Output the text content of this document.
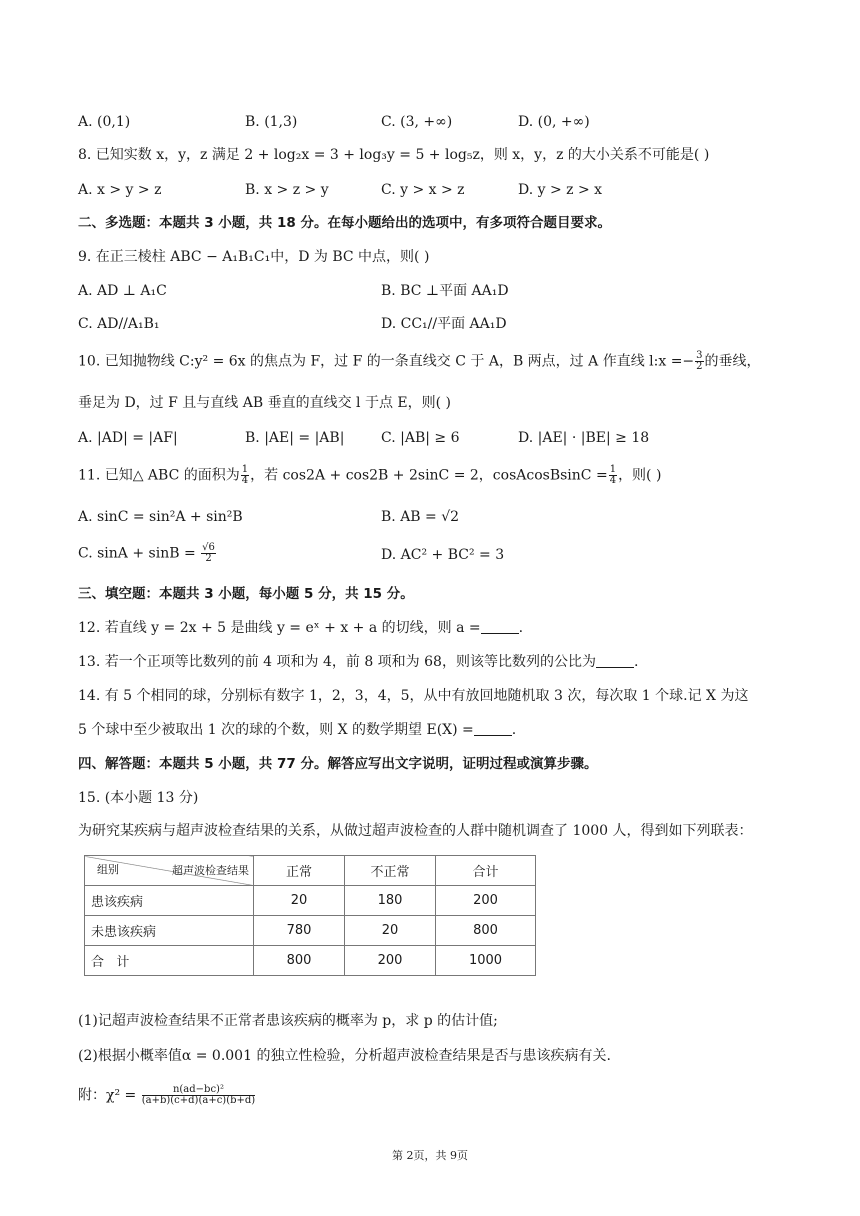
A. (0,1)	B. (1,3)	C. (3, +∞)	D. (0, +∞)
8. 已知实数 x，y，z 满足 2 + log₂x = 3 + log₃y = 5 + log₅z，则 x，y，z 的大小关系不可能是( )
A. x > y > z	B. x > z > y	C. y > x > z	D. y > z > x
二、多选题：本题共 3 小题，共 18 分。在每小题给出的选项中，有多项符合题目要求。
9. 在正三棱柱 ABC − A₁B₁C₁中，D 为 BC 中点，则( )
A. AD ⊥ A₁C	B. BC ⊥平面 AA₁D
C. AD//A₁B₁	D. CC₁//平面 AA₁D
10. 已知抛物线 C:y² = 6x 的焦点为 F，过 F 的一条直线交 C 于 A，B 两点，过 A 作直线 l:x =− $\frac{3}{2}$ 的垂线，
垂足为 D，过 F 且与直线 AB 垂直的直线交 l 于点 E，则( )
A. |AD| = |AF|	B. |AE| = |AB|	C. |AB| ≥ 6	D. |AE| · |BE| ≥ 18
11. 已知△ ABC 的面积为 $\frac{1}{4}$ ，若 cos2A + cos2B + 2sinC = 2，cosAcosBsinC = $\frac{1}{4}$ ，则( )
A. sinC = sin²A + sin²B	B. AB = √2
C. $\sin A + \sin B = \frac{√6}{2}$	D. AC² + BC² = 3
三、填空题：本题共 3 小题，每小题 5 分，共 15 分。
12. 若直线 y = 2x + 5 是曲线 y = eˣ + x + a 的切线，则 a =	.
13. 若一个正项等比数列的前 4 项和为 4，前 8 项和为 68，则该等比数列的公比为	.
14. 有 5 个相同的球，分别标有数字 1，2，3，4，5，从中有放回地随机取 3 次，每次取 1 个球.记 X 为这
5 个球中至少被取出 1 次的球的个数，则 X 的数学期望 E(X) =	.
四、解答题：本题共 5 小题，共 77 分。解答应写出文字说明，证明过程或演算步骤。
15. (本小题 13 分)
为研究某疾病与超声波检查结果的关系，从做过超声波检查的人群中随机调查了 1000 人，得到如下列联表：
超声波检查结果
组别	正常	不正常	合计
患该疾病	20	180	200
未患该疾病	780	20	800
合   计	800	200	1000
(1)记超声波检查结果不正常者患该疾病的概率为 p，求 p 的估计值;
(2)根据小概率值α = 0.001 的独立性检验，分析超声波检查结果是否与患该疾病有关.
附：$\chi^2 = \frac{\text{n(ad−bc)²}}{(a+b)(c+d)(a+c)(b+d)}$
第 2页，共 9页
